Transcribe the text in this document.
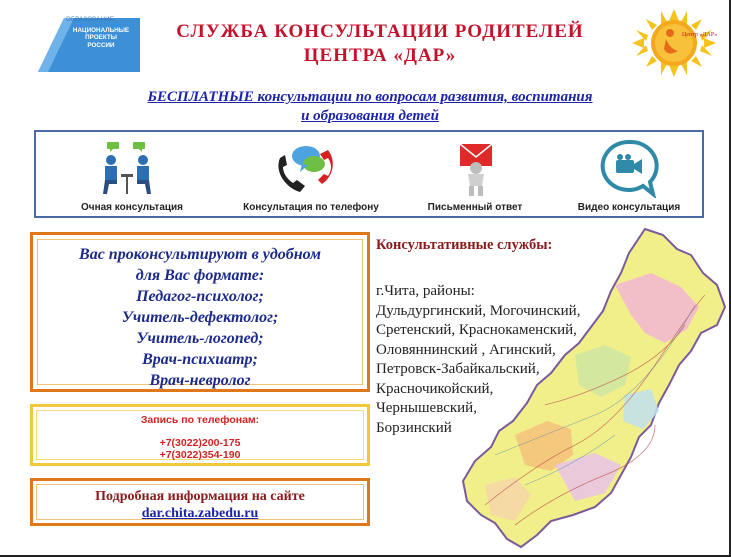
ОБРАЗОВАНИЕ
НАЦИОНАЛЬНЫЕ
ПРОЕКТЫ
РОССИИ
СЛУЖБА КОНСУЛЬТАЦИИ РОДИТЕЛЕЙ
ЦЕНТРА «ДАР»
Центр «ДАР»
БЕСПЛАТНЫЕ консультации по вопросам развития, воспитания
и образования детей
Очная консультация	Консультация по телефону	Письменный ответ	Видео консультация
Вас проконсультируют в удобном
для Вас формате:
Педагог-психолог;
Учитель-дефектолог;
Учитель-логопед;
Врач-психиатр;
Врач-невролог
Запись по телефонам:
+7(3022)200-175
+7(3022)354-190
Подробная информация на сайте
dar.chita.zabedu.ru
Консультативные службы:
г.Чита, районы:
Дульдургинский, Могочинский,
Сретенский, Краснокаменский,
Оловяннинский , Агинский,
Петровск-Забайкальский,
Красночикойский,
Чернышевский,
Борзинский
